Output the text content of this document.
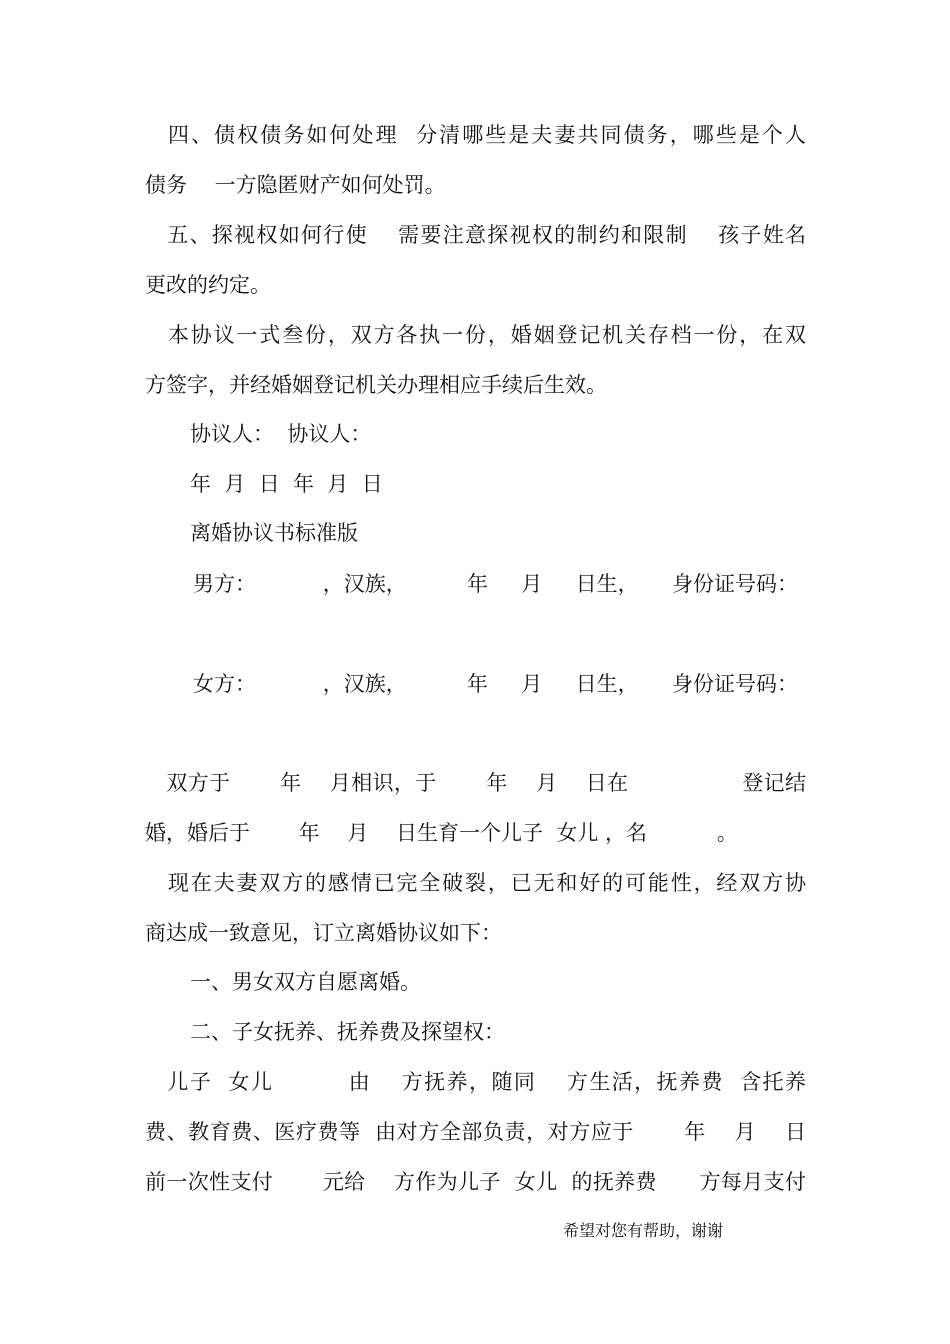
　四、债权债务如何处理  分清哪些是夫妻共同债务，哪些是个人
债务　 一方隐匿财产如何处罚。
　五、探视权如何行使　 需要注意探视权的制约和限制　 孩子姓名
更改的约定。
　本协议一式叁份，双方各执一份，婚姻登记机关存档一份，在双
方签字，并经婚姻登记机关办理相应手续后生效。
协议人：  协议人：
年  月  日  年  月  日
离婚协议书标准版
男方：          ，汉族，         年     月     日生，     身份证号码：
女方：          ，汉族，         年     月     日生，     身份证号码：
　双方于　　 年　 月相识，于　　 年　 月　 日在　　　　　 登记结
婚，婚后于　　 年　 月　 日生育一个儿子  女儿 ，名　　　 。
　现在夫妻双方的感情已完全破裂，已无和好的可能性，经双方协
商达成一致意见，订立离婚协议如下：
一、男女双方自愿离婚。
二、子女抚养、抚养费及探望权：
　儿子  女儿　　　 由　 方抚养，随同　 方生活，抚养费  含托养
费、教育费、医疗费等  由对方全部负责，对方应于　　 年　 月　 日
前一次性支付　　 元给　 方作为儿子  女儿  的抚养费　　方每月支付
希望对您有帮助，谢谢
